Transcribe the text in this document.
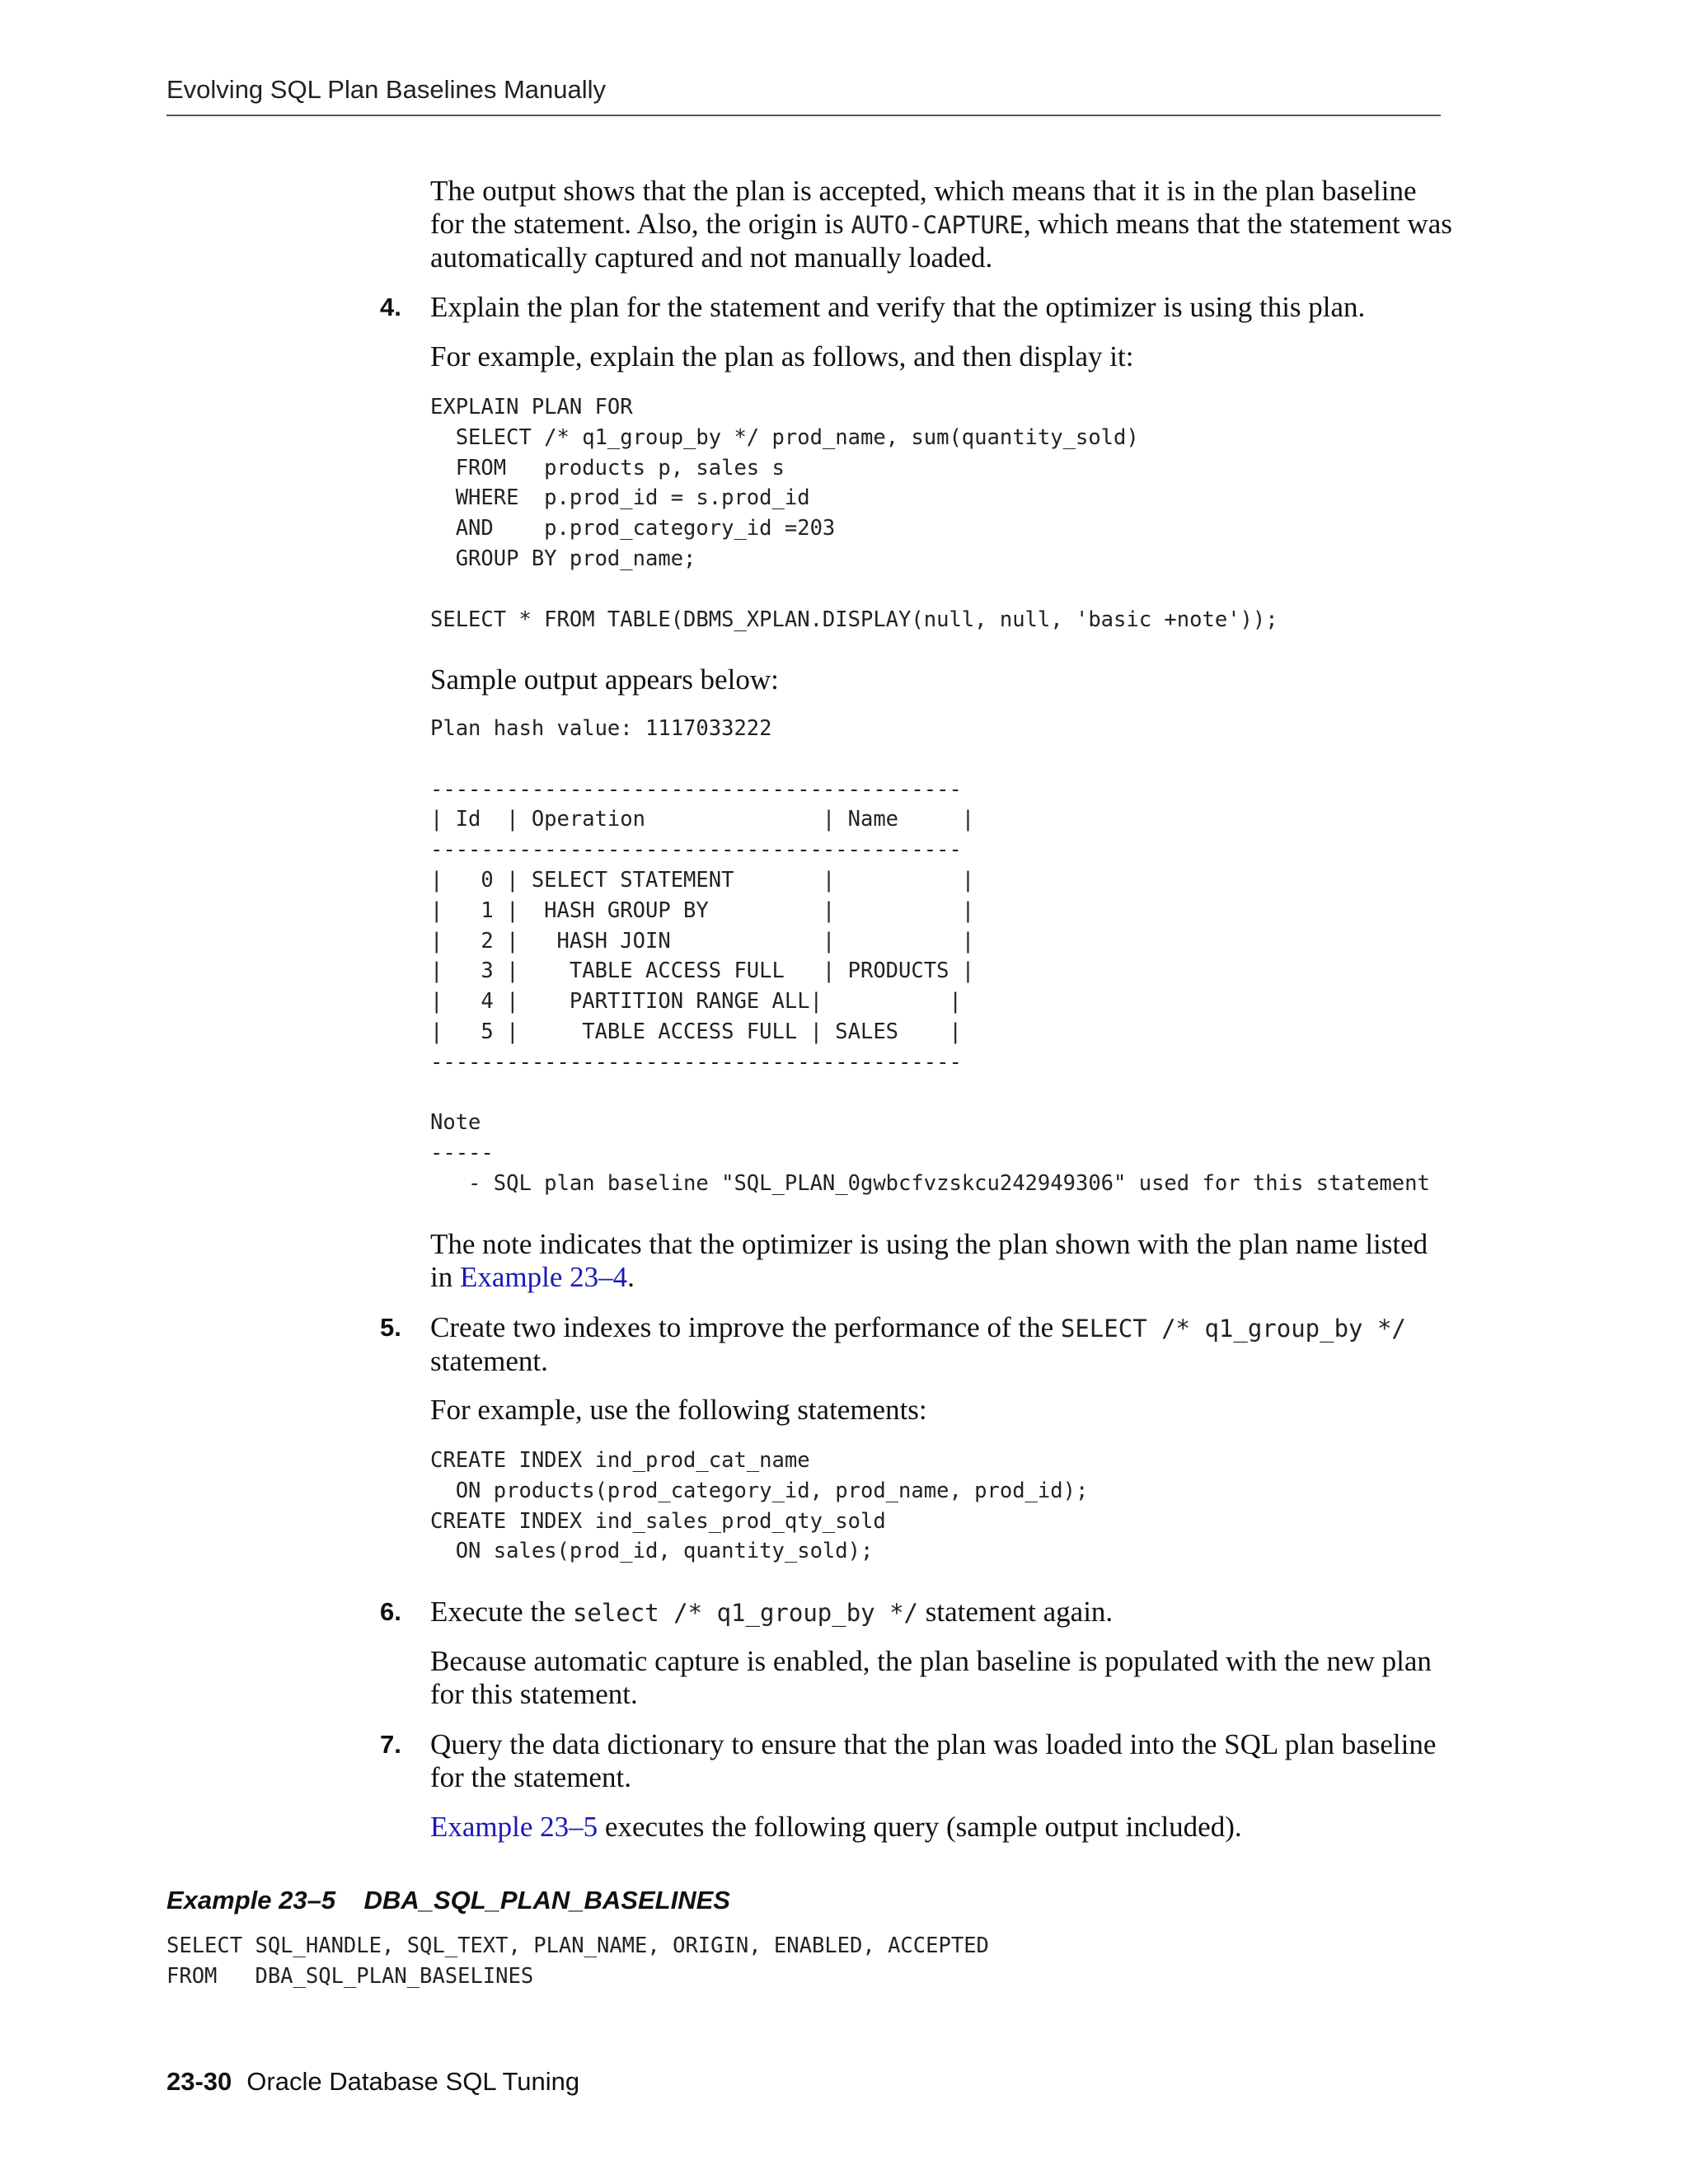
Evolving SQL Plan Baselines Manually
The output shows that the plan is accepted, which means that it is in the plan baseline for the statement. Also, the origin is AUTO-CAPTURE, which means that the statement was automatically captured and not manually loaded.
4. Explain the plan for the statement and verify that the optimizer is using this plan.
For example, explain the plan as follows, and then display it:
EXPLAIN PLAN FOR
SELECT /* q1_group_by */ prod_name, sum(quantity_sold)
FROM   products p, sales s
WHERE  p.prod_id = s.prod_id
AND    p.prod_category_id =203
GROUP BY prod_name;

SELECT * FROM TABLE(DBMS_XPLAN.DISPLAY(null, null, 'basic +note'));
Sample output appears below:
Plan hash value: 1117033222

------------------------------------------
| Id  | Operation              | Name     |
------------------------------------------
|   0 | SELECT STATEMENT       |          |
|   1 |  HASH GROUP BY         |          |
|   2 |   HASH JOIN            |          |
|   3 |    TABLE ACCESS FULL   | PRODUCTS |
|   4 |    PARTITION RANGE ALL|          |
|   5 |     TABLE ACCESS FULL | SALES    |
------------------------------------------

Note
-----
- SQL plan baseline "SQL_PLAN_0gwbcfvzskcu242949306" used for this statement
The note indicates that the optimizer is using the plan shown with the plan name listed in Example 23–4.
5. Create two indexes to improve the performance of the SELECT /* q1_group_by */ statement.
For example, use the following statements:
CREATE INDEX ind_prod_cat_name
ON products(prod_category_id, prod_name, prod_id);
CREATE INDEX ind_sales_prod_qty_sold
ON sales(prod_id, quantity_sold);
6. Execute the select /* q1_group_by */ statement again.
Because automatic capture is enabled, the plan baseline is populated with the new plan for this statement.
7. Query the data dictionary to ensure that the plan was loaded into the SQL plan baseline for the statement.
Example 23–5 executes the following query (sample output included).
Example 23–5    DBA_SQL_PLAN_BASELINES
SELECT SQL_HANDLE, SQL_TEXT, PLAN_NAME, ORIGIN, ENABLED, ACCEPTED
FROM   DBA_SQL_PLAN_BASELINES
23-30 Oracle Database SQL Tuning
